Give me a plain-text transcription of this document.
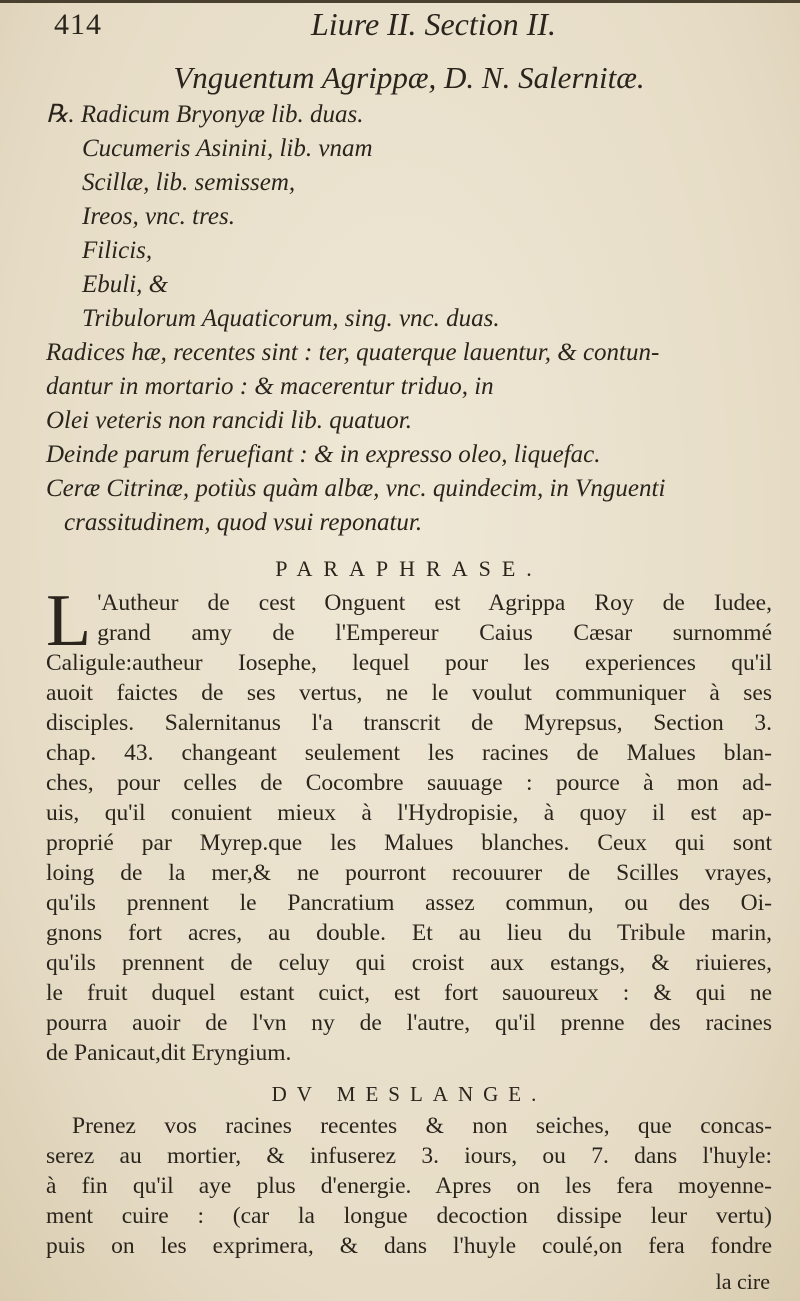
414	Liure II. Section II.
Vnguentum Agrippæ, D. N. Salernitæ.
℞. Radicum Bryonyæ lib. duas.
Cucumeris Asinini, lib. vnam
Scillæ, lib. semissem,
Ireos, vnc. tres.
Filicis,
Ebuli, &
Tribulorum Aquaticorum, sing. vnc. duas.
Radices hæ, recentes sint : ter, quaterque lauentur, & contun-
dantur in mortario : & macerentur triduo, in
Olei veteris non rancidi lib. quatuor.
Deinde parum feruefiant : & in expresso oleo, liquefac.
Ceræ Citrinæ, potiùs quàm albæ, vnc. quindecim, in Vnguenti
crassitudinem, quod vsui reponatur.
PARAPHRASE.
L 'Autheur de cest Onguent est Agrippa Roy de Iudee,
grand amy de l'Empereur Caius Cæsar surnommé
Caligule:autheur Iosephe, lequel pour les experiences qu'il
auoit faictes de ses vertus, ne le voulut communiquer à ses
disciples. Salernitanus l'a transcrit de Myrepsus, Section 3.
chap. 43. changeant seulement les racines de Malues blan-
ches, pour celles de Cocombre sauuage : pource à mon ad-
uis, qu'il conuient mieux à l'Hydropisie, à quoy il est ap-
proprié par Myrep.que les Malues blanches. Ceux qui sont
loing de la mer,& ne pourront recouurer de Scilles vrayes,
qu'ils prennent le Pancratium assez commun, ou des Oi-
gnons fort acres, au double. Et au lieu du Tribule marin,
qu'ils prennent de celuy qui croist aux estangs, & riuieres,
le fruit duquel estant cuict, est fort sauoureux : & qui ne
pourra auoir de l'vn ny de l'autre, qu'il prenne des racines
de Panicaut,dit Eryngium.
DV MESLANGE.
Prenez vos racines recentes & non seiches, que concas-
serez au mortier, & infuserez 3. iours, ou 7. dans l'huyle:
à fin qu'il aye plus d'energie. Apres on les fera moyenne-
ment cuire : (car la longue decoction dissipe leur vertu)
puis on les exprimera, & dans l'huyle coulé,on fera fondre
la cire
